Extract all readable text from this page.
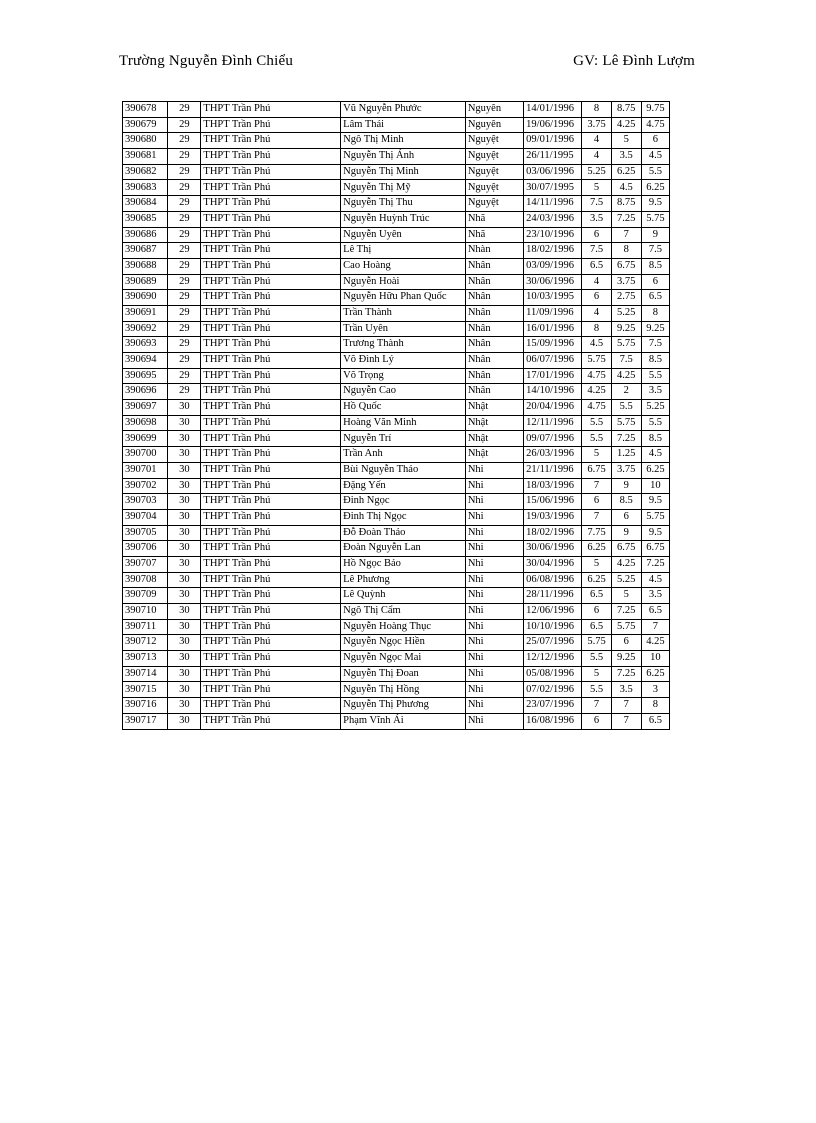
Trường Nguyễn Đình Chiểu	GV: Lê Đình Lượm
390678	29	THPT Trần Phú	Vũ Nguyễn Phước	Nguyên	14/01/1996	8	8.75	9.75
390679	29	THPT Trần Phú	Lâm Thái	Nguyên	19/06/1996	3.75	4.25	4.75
390680	29	THPT Trần Phú	Ngô Thị Minh	Nguyệt	09/01/1996	4	5	6
390681	29	THPT Trần Phú	Nguyễn Thị Ánh	Nguyệt	26/11/1995	4	3.5	4.5
390682	29	THPT Trần Phú	Nguyễn Thị Minh	Nguyệt	03/06/1996	5.25	6.25	5.5
390683	29	THPT Trần Phú	Nguyễn Thị Mỹ	Nguyệt	30/07/1995	5	4.5	6.25
390684	29	THPT Trần Phú	Nguyễn Thị Thu	Nguyệt	14/11/1996	7.5	8.75	9.5
390685	29	THPT Trần Phú	Nguyễn Huỳnh Trúc	Nhã	24/03/1996	3.5	7.25	5.75
390686	29	THPT Trần Phú	Nguyễn Uyên	Nhã	23/10/1996	6	7	9
390687	29	THPT Trần Phú	Lê Thị	Nhàn	18/02/1996	7.5	8	7.5
390688	29	THPT Trần Phú	Cao Hoàng	Nhân	03/09/1996	6.5	6.75	8.5
390689	29	THPT Trần Phú	Nguyễn Hoài	Nhân	30/06/1996	4	3.75	6
390690	29	THPT Trần Phú	Nguyễn Hữu Phan Quốc	Nhân	10/03/1995	6	2.75	6.5
390691	29	THPT Trần Phú	Trần Thành	Nhân	11/09/1996	4	5.25	8
390692	29	THPT Trần Phú	Trần Uyên	Nhân	16/01/1996	8	9.25	9.25
390693	29	THPT Trần Phú	Trương Thành	Nhân	15/09/1996	4.5	5.75	7.5
390694	29	THPT Trần Phú	Võ Đình Lý	Nhân	06/07/1996	5.75	7.5	8.5
390695	29	THPT Trần Phú	Võ Trọng	Nhân	17/01/1996	4.75	4.25	5.5
390696	29	THPT Trần Phú	Nguyễn Cao	Nhân	14/10/1996	4.25	2	3.5
390697	30	THPT Trần Phú	Hồ Quốc	Nhật	20/04/1996	4.75	5.5	5.25
390698	30	THPT Trần Phú	Hoàng Văn Minh	Nhật	12/11/1996	5.5	5.75	5.5
390699	30	THPT Trần Phú	Nguyễn Trí	Nhật	09/07/1996	5.5	7.25	8.5
390700	30	THPT Trần Phú	Trần Anh	Nhật	26/03/1996	5	1.25	4.5
390701	30	THPT Trần Phú	Bùi Nguyễn Thảo	Nhi	21/11/1996	6.75	3.75	6.25
390702	30	THPT Trần Phú	Đặng Yến	Nhi	18/03/1996	7	9	10
390703	30	THPT Trần Phú	Đinh Ngọc	Nhi	15/06/1996	6	8.5	9.5
390704	30	THPT Trần Phú	Đinh Thị Ngọc	Nhi	19/03/1996	7	6	5.75
390705	30	THPT Trần Phú	Đỗ Đoàn Thảo	Nhi	18/02/1996	7.75	9	9.5
390706	30	THPT Trần Phú	Đoàn Nguyễn Lan	Nhi	30/06/1996	6.25	6.75	6.75
390707	30	THPT Trần Phú	Hồ Ngọc Bảo	Nhi	30/04/1996	5	4.25	7.25
390708	30	THPT Trần Phú	Lê Phương	Nhi	06/08/1996	6.25	5.25	4.5
390709	30	THPT Trần Phú	Lê Quỳnh	Nhi	28/11/1996	6.5	5	3.5
390710	30	THPT Trần Phú	Ngô Thị Cẩm	Nhi	12/06/1996	6	7.25	6.5
390711	30	THPT Trần Phú	Nguyễn Hoàng Thục	Nhi	10/10/1996	6.5	5.75	7
390712	30	THPT Trần Phú	Nguyễn Ngọc Hiền	Nhi	25/07/1996	5.75	6	4.25
390713	30	THPT Trần Phú	Nguyễn Ngọc Mai	Nhi	12/12/1996	5.5	9.25	10
390714	30	THPT Trần Phú	Nguyễn Thị Đoan	Nhi	05/08/1996	5	7.25	6.25
390715	30	THPT Trần Phú	Nguyễn Thị Hồng	Nhi	07/02/1996	5.5	3.5	3
390716	30	THPT Trần Phú	Nguyễn Thị Phương	Nhi	23/07/1996	7	7	8
390717	30	THPT Trần Phú	Phạm Vĩnh Ái	Nhi	16/08/1996	6	7	6.5
